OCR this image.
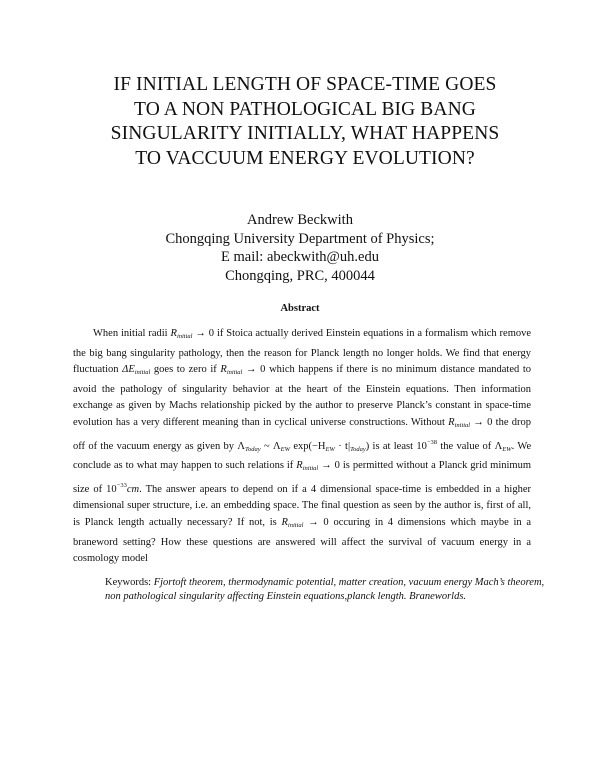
IF INITIAL LENGTH OF SPACE-TIME GOES
TO A NON PATHOLOGICAL BIG BANG
SINGULARITY INITIALLY, WHAT HAPPENS
TO VACCUUM ENERGY EVOLUTION?
Andrew Beckwith
Chongqing University Department of Physics;
E mail: abeckwith@uh.edu
Chongqing, PRC, 400044
Abstract

When initial radii $R_{initial} \to 0$ if Stoica actually derived Einstein equations in a formalism which remove the big bang singularity pathology, then the reason for Planck length no longer holds. We find that energy fluctuation $\Delta E_{initial}$ goes to zero if $R_{initial} \to 0$ which happens if there is no minimum distance mandated to avoid the pathology of singularity behavior at the heart of the Einstein equations. Then information exchange as given by Machs relationship picked by the author to preserve Planck’s constant in space-time evolution has a very different meaning than in cyclical universe constructions. Without $R_{initial} \to 0$ the drop off of the vacuum energy as given by $\Lambda_{Today}$ ~ $\Lambda_{EW}$ $\exp(-H_{EW} \cdot t|_{Today})$ is at least $10^{-38}$ the value of $\Lambda_{EW}$. We conclude as to what may happen to such relations if $R_{initial} \to 0$ is permitted without a Planck grid minimum size of $10^{-33}cm$. The answer apears to depend on if a 4 dimensional space-time is embedded in a higher dimensional super structure, i.e. an embedding space. The final question as seen by the author is, first of all, is Planck length actually necessary? If not, is $R_{initial} \to 0$ occuring in 4 dimensions which maybe in a braneword setting? How these questions are answered will affect the survival of vacuum energy in a cosmology model

Keywords: Fjortoft theorem, thermodynamic potential, matter creation, vacuum energy Mach’s theorem, non pathological singularity affecting Einstein equations,planck length. Braneworlds.
